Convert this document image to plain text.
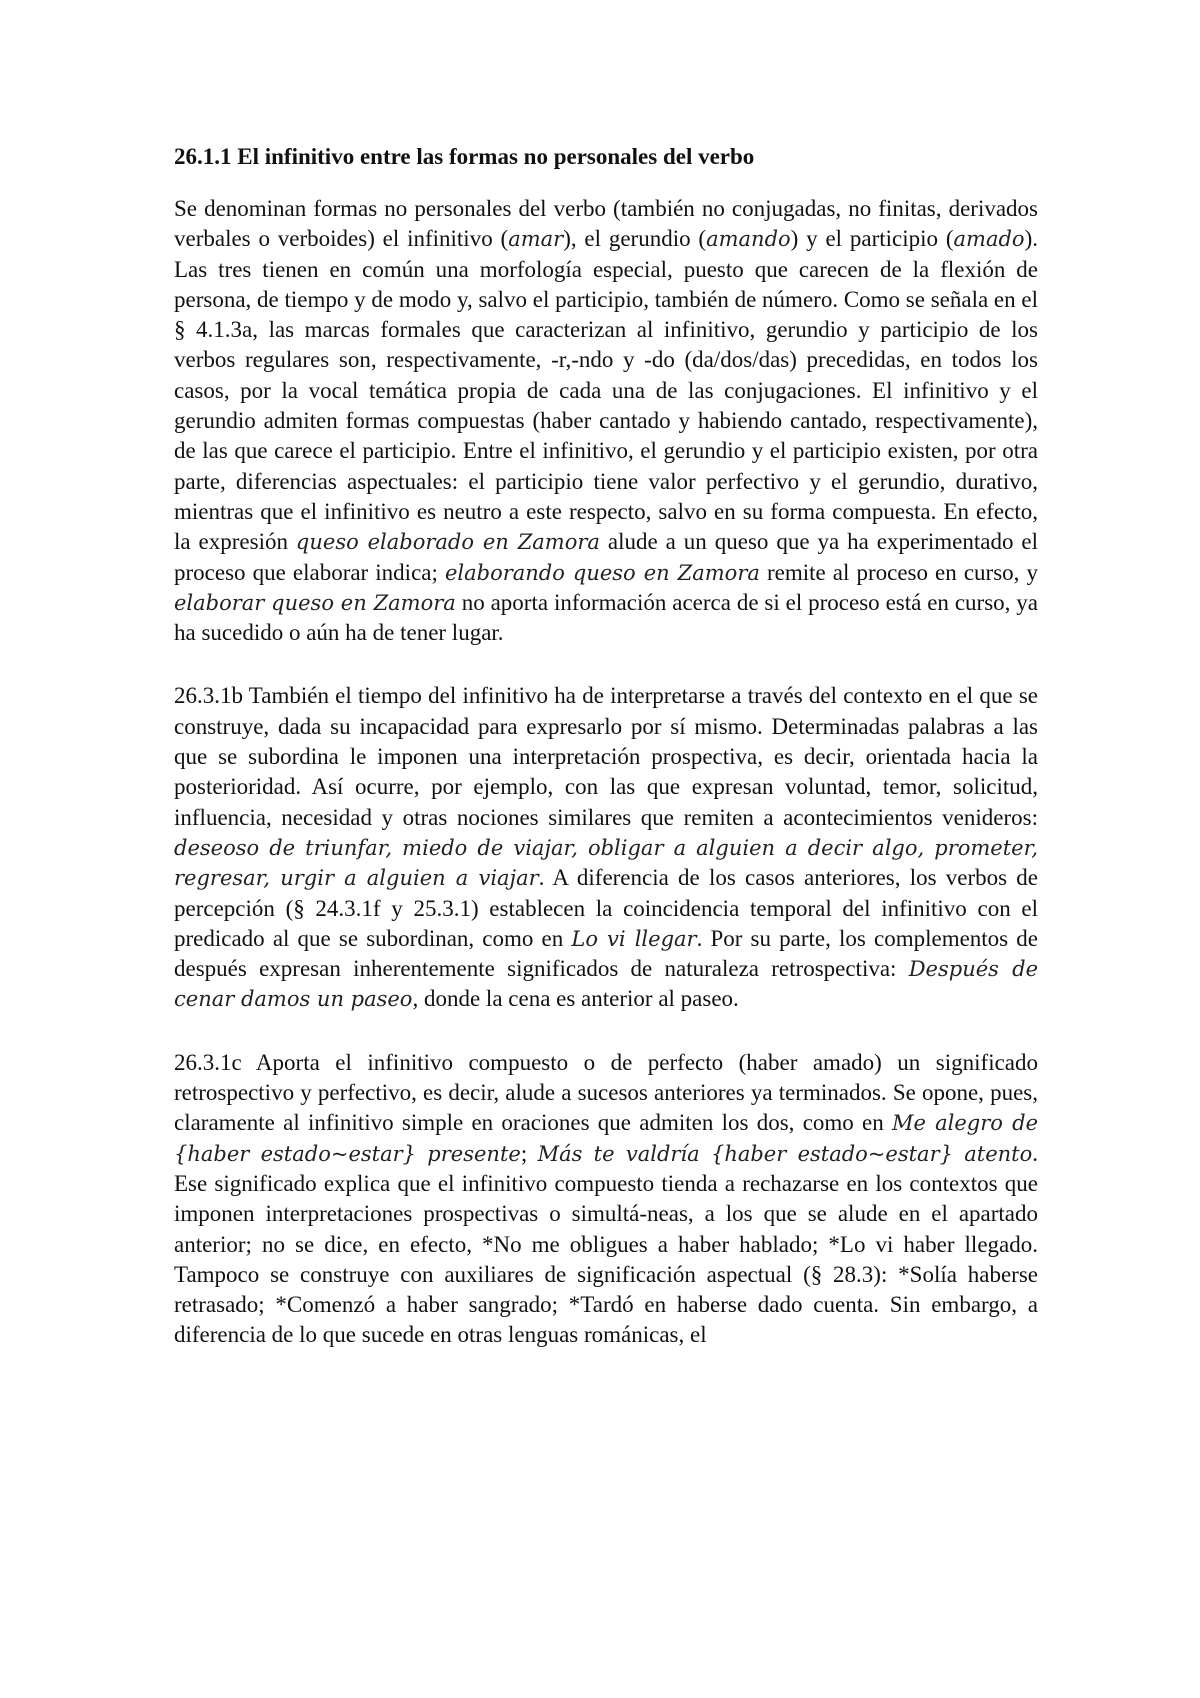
26.1.1 El infinitivo entre las formas no personales del verbo

Se denominan formas no personales del verbo (también no conjugadas, no finitas, derivados verbales o verboides) el infinitivo (amar), el gerundio (amando) y el participio (amado). Las tres tienen en común una morfología especial, puesto que carecen de la flexión de persona, de tiempo y de modo y, salvo el participio, también de número. Como se señala en el § 4.1.3a, las marcas formales que caracterizan al infinitivo, gerundio y participio de los verbos regulares son, respectivamente, -r,-ndo y -do (da/dos/das) precedidas, en todos los casos, por la vocal temática propia de cada una de las conjugaciones. El infinitivo y el gerundio admiten formas compuestas (haber cantado y habiendo cantado, respectivamente), de las que carece el participio. Entre el infinitivo, el gerundio y el participio existen, por otra parte, diferencias aspectuales: el participio tiene valor perfectivo y el gerundio, durativo, mientras que el infinitivo es neutro a este respecto, salvo en su forma compuesta. En efecto, la expresión queso elaborado en Zamora alude a un queso que ya ha experimentado el proceso que elaborar indica; elaborando queso en Zamora remite al proceso en curso, y elaborar queso en Zamora no aporta información acerca de si el proceso está en curso, ya ha sucedido o aún ha de tener lugar.

26.3.1b También el tiempo del infinitivo ha de interpretarse a través del contexto en el que se construye, dada su incapacidad para expresarlo por sí mismo. Determinadas palabras a las que se subordina le imponen una interpretación prospectiva, es decir, orientada hacia la posterioridad. Así ocurre, por ejemplo, con las que expresan voluntad, temor, solicitud, influencia, necesidad y otras nociones similares que remiten a acontecimientos venideros: deseoso de triunfar, miedo de viajar, obligar a alguien a decir algo, prometer, regresar, urgir a alguien a viajar. A diferencia de los casos anteriores, los verbos de percepción (§ 24.3.1f y 25.3.1) establecen la coincidencia temporal del infinitivo con el predicado al que se subordinan, como en Lo vi llegar. Por su parte, los complementos de después expresan inherentemente significados de naturaleza retrospectiva: Después de cenar damos un paseo, donde la cena es anterior al paseo.

26.3.1c Aporta el infinitivo compuesto o de perfecto (haber amado) un significado retrospectivo y perfectivo, es decir, alude a sucesos anteriores ya terminados. Se opone, pues, claramente al infinitivo simple en oraciones que admiten los dos, como en Me alegro de {haber estado~estar} presente; Más te valdría {haber estado~estar} atento. Ese significado explica que el infinitivo compuesto tienda a rechazarse en los contextos que imponen interpretaciones prospectivas o simultá-neas, a los que se alude en el apartado anterior; no se dice, en efecto, *No me obligues a haber hablado; *Lo vi haber llegado. Tampoco se construye con auxiliares de significación aspectual (§ 28.3): *Solía haberse retrasado; *Comenzó a haber sangrado; *Tardó en haberse dado cuenta. Sin embargo, a diferencia de lo que sucede en otras lenguas románicas, el
